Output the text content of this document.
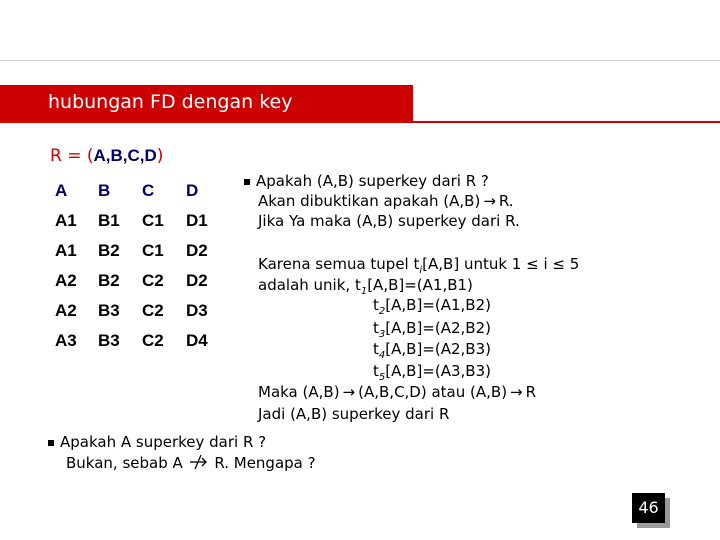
hubungan FD dengan key
R = (A,B,C,D)
A	B	C	D
A1	B1	C1	D1
A1	B2	C1	D2
A2	B2	C2	D2
A2	B3	C2	D3
A3	B3	C2	D4
Apakah (A,B) superkey dari R ?
Akan dibuktikan apakah (A,B) → R.
Jika Ya maka (A,B) superkey dari R.
Karena semua tupel $t_i[A,B]$ untuk 1 ≤ i ≤ 5
adalah unik, $t_1[A,B]=(A1,B1)$
$t_2[A,B]=(A1,B2)$
$t_3[A,B]=(A2,B2)$
$t_4[A,B]=(A2,B3)$
$t_5[A,B]=(A3,B3)$
Maka (A,B) → (A,B,C,D) atau (A,B) → R
Jadi (A,B) superkey dari R
Apakah A superkey dari R ?
Bukan, sebab A R. Mengapa ?
46
